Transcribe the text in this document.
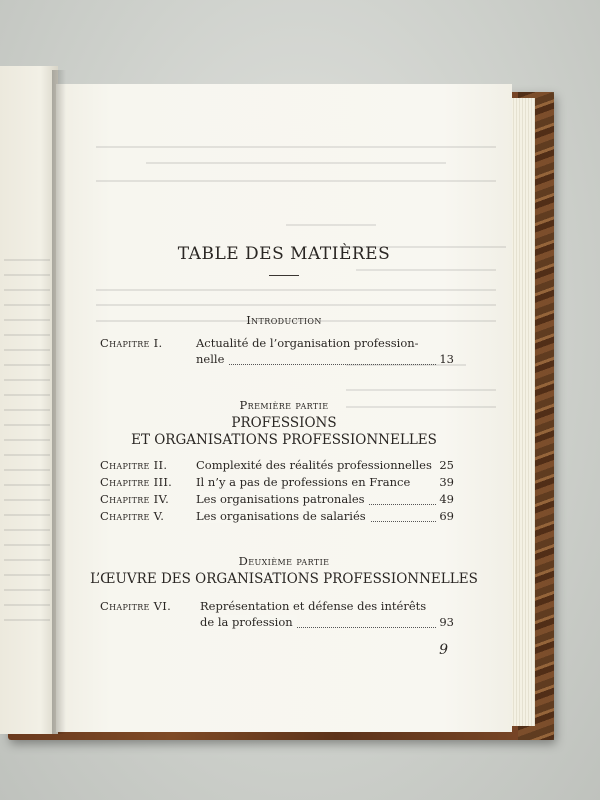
TABLE DES MATIÈRES
Introduction
Chapitre I.	Actualité de l’organisation profession-
nelle	13
Première partie
PROFESSIONS
ET ORGANISATIONS PROFESSIONNELLES
Chapitre II. Complexité des réalités professionnelles 25
Chapitre III. Il n’y a pas de professions en France	39
Chapitre IV. Les organisations patronales	49
Chapitre V.	Les organisations de salariés	69
Deuxième partie
L’ŒUVRE DES ORGANISATIONS PROFESSIONNELLES
Chapitre VI.	Représentation et défense des intérêts
de la profession	93
9
